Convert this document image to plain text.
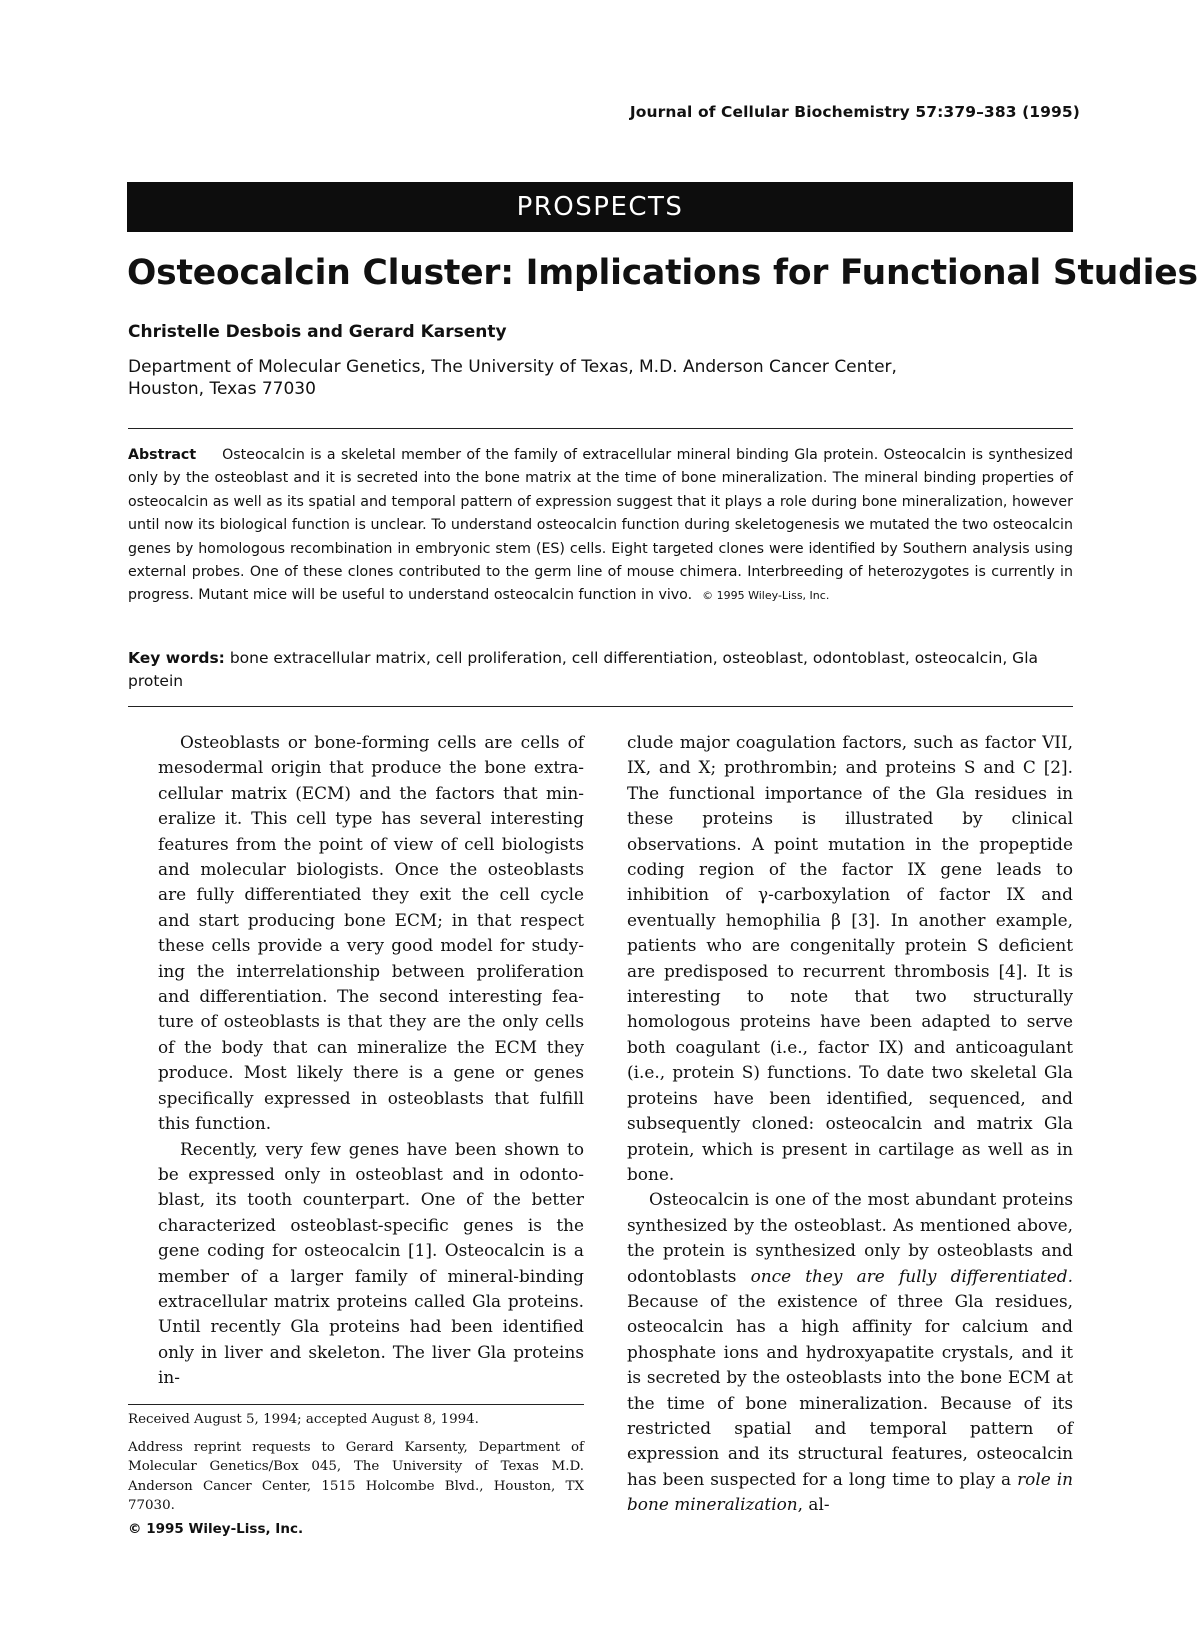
Journal of Cellular Biochemistry 57:379–383 (1995)
PROSPECTS
Osteocalcin Cluster: Implications for Functional Studies
Christelle Desbois and Gerard Karsenty
Department of Molecular Genetics, The University of Texas, M.D. Anderson Cancer Center,
Houston, Texas 77030
Abstract Osteocalcin is a skeletal member of the family of extracellular mineral binding Gla protein. Osteocalcin is synthesized only by the osteoblast and it is secreted into the bone matrix at the time of bone mineralization. The mineral binding properties of osteocalcin as well as its spatial and temporal pattern of expression suggest that it plays a role during bone mineralization, however until now its biological function is unclear. To understand osteocalcin function during skeletogenesis we mutated the two osteocalcin genes by homologous recombination in embryonic stem (ES) cells. Eight targeted clones were identified by Southern analysis using external probes. One of these clones contributed to the germ line of mouse chimera. Interbreeding of heterozygotes is currently in progress. Mutant mice will be useful to understand osteocalcin function in vivo. © 1995 Wiley-Liss, Inc.
Key words: bone extracellular matrix, cell proliferation, cell differentiation, osteoblast, odontoblast, osteocalcin, Gla protein

Osteoblasts or bone-forming cells are cells of mesodermal origin that produce the bone extracellular matrix (ECM) and the factors that mineralize it. This cell type has several interesting features from the point of view of cell biologists and molecular biologists. Once the osteoblasts are fully differentiated they exit the cell cycle and start producing bone ECM; in that respect these cells provide a very good model for studying the interrelationship between proliferation and differentiation. The second interesting feature of osteoblasts is that they are the only cells of the body that can mineralize the ECM they produce. Most likely there is a gene or genes specifically expressed in osteoblasts that fulfill this function.

Recently, very few genes have been shown to be expressed only in osteoblast and in odontoblast, its tooth counterpart. One of the better characterized osteoblast-specific genes is the gene coding for osteocalcin [1]. Osteocalcin is a member of a larger family of mineral-binding extracellular matrix proteins called Gla proteins. Until recently Gla proteins had been identified only in liver and skeleton. The liver Gla proteins in-

clude major coagulation factors, such as factor VII, IX, and X; prothrombin; and proteins S and C [2]. The functional importance of the Gla residues in these proteins is illustrated by clinical observations. A point mutation in the propeptide coding region of the factor IX gene leads to inhibition of γ-carboxylation of factor IX and eventually hemophilia β [3]. In another example, patients who are congenitally protein S deficient are predisposed to recurrent thrombosis [4]. It is interesting to note that two structurally homologous proteins have been adapted to serve both coagulant (i.e., factor IX) and anticoagulant (i.e., protein S) functions. To date two skeletal Gla proteins have been identified, sequenced, and subsequently cloned: osteocalcin and matrix Gla protein, which is present in cartilage as well as in bone.

Osteocalcin is one of the most abundant proteins synthesized by the osteoblast. As mentioned above, the protein is synthesized only by osteoblasts and odontoblasts once they are fully differentiated. Because of the existence of three Gla residues, osteocalcin has a high affinity for calcium and phosphate ions and hydroxyapatite crystals, and it is secreted by the osteoblasts into the bone ECM at the time of bone mineralization. Because of its restricted spatial and temporal pattern of expression and its structural features, osteocalcin has been suspected for a long time to play a role in bone mineralization, al-

Received August 5, 1994; accepted August 8, 1994.

Address reprint requests to Gerard Karsenty, Department of Molecular Genetics/Box 045, The University of Texas M.D. Anderson Cancer Center, 1515 Holcombe Blvd., Houston, TX 77030.

© 1995 Wiley-Liss, Inc.
